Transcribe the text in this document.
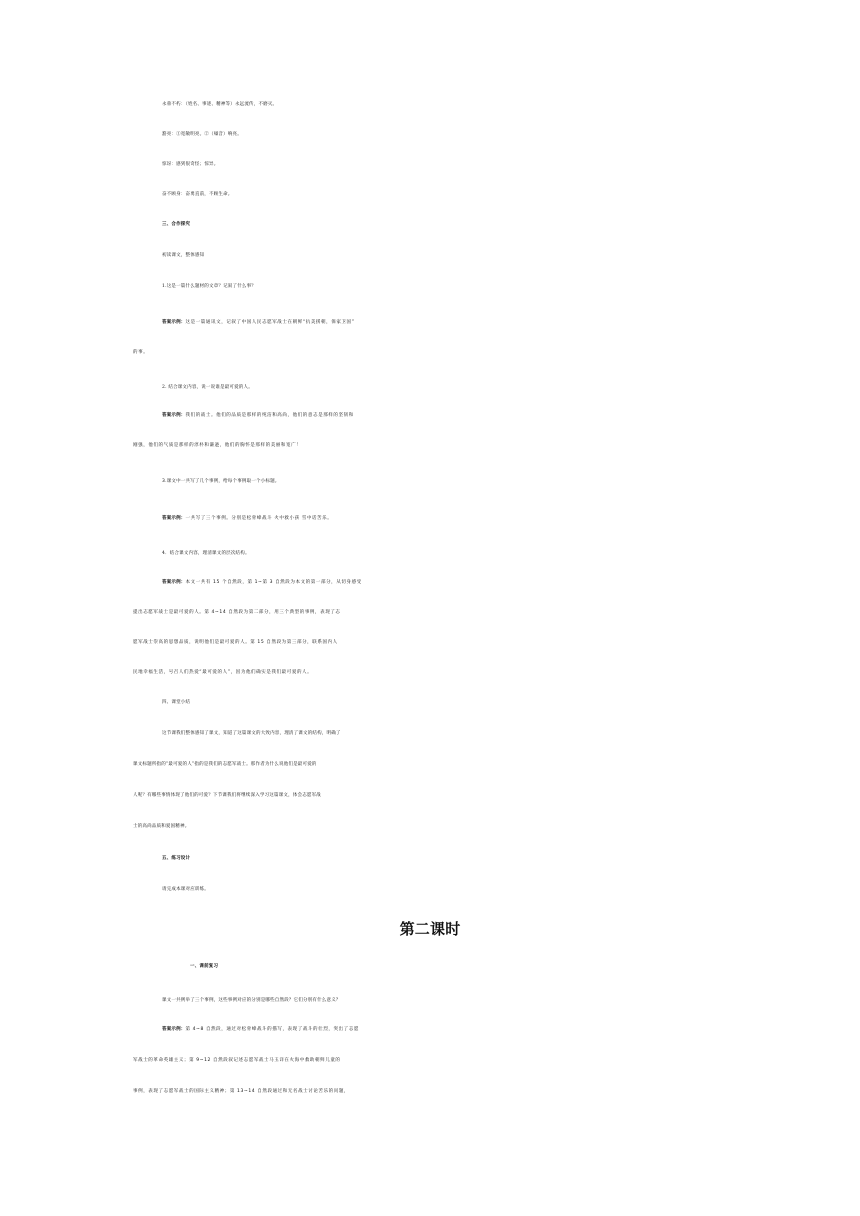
永垂不朽：（姓名、事迹、精神等）永远流传，不磨灭。
豁亮：①宽敞明亮。②（嗓音）响亮。
惊讶：感到很奇怪；惊异。
奋不顾身：奋勇直前，不顾生命。
三、合作探究
初读课文，整体感知
1.这是一篇什么题材的文章？记叙了什么事？
答案示例：这是一篇通讯文，记叙了中国人民志愿军战士在朝鲜“抗美援朝，保家卫国”
的事。
2. 结合课文内容，说一说谁是最可爱的人。
答案示例：我们的战士。他们的品质是那样的纯洁和高尚，他们的意志是那样的坚韧和
刚强，他们的气质是那样的淳朴和谦逊，他们的胸怀是那样的美丽和宽广！
3.课文中一共写了几个事例，给每个事例取一个小标题。
答案示例：一共写了三个事例。分别是松骨峰战斗 火中救小孩 雪中话苦乐。
4．结合课文内容，理清课文的层次结构。
答案示例：本文一共有 15 个自然段，第 1~第 3 自然段为本文的第一部分，从切身感受
提出志愿军战士是最可爱的人。第 4~14 自然段为第二部分，用三个典型的事例，表现了志
愿军战士崇高的思想品质，说明他们是最可爱的人。第 15 自然段为第三部分，联系国内人
民地幸福生活，号召人们热爱“最可爱的人”，因为他们确实是我们最可爱的人。
四、课堂小结
这节课我们整体感知了课文，知道了这篇课文的大致内容，理清了课文的结构，明确了
课文标题所指的“最可爱的人”指的是我们的志愿军战士。那作者为什么说他们是最可爱的
人呢？有哪些事情体现了他们的可爱？下节课我们将继续深入学习这篇课文，体会志愿军战
士的高尚品质和爱国精神。
五、练习设计
请完成本课对应训练。
第二课时
一、课前复习
课文一共例举了三个事例，这些事例对应的分别是哪些自然段？它们分别有什么意义？
答案示例：第 4~8 自然段，通过对松骨峰战斗的描写，表现了战斗的壮烈，突出了志愿
军战士的革命英雄主义；第 9~12 自然段叙记述志愿军战士马玉详在火海中救助朝鲜儿童的
事例，表现了志愿军战士的国际主义精神；第 13~14 自然段通过和无名战士讨论苦乐的问题，
